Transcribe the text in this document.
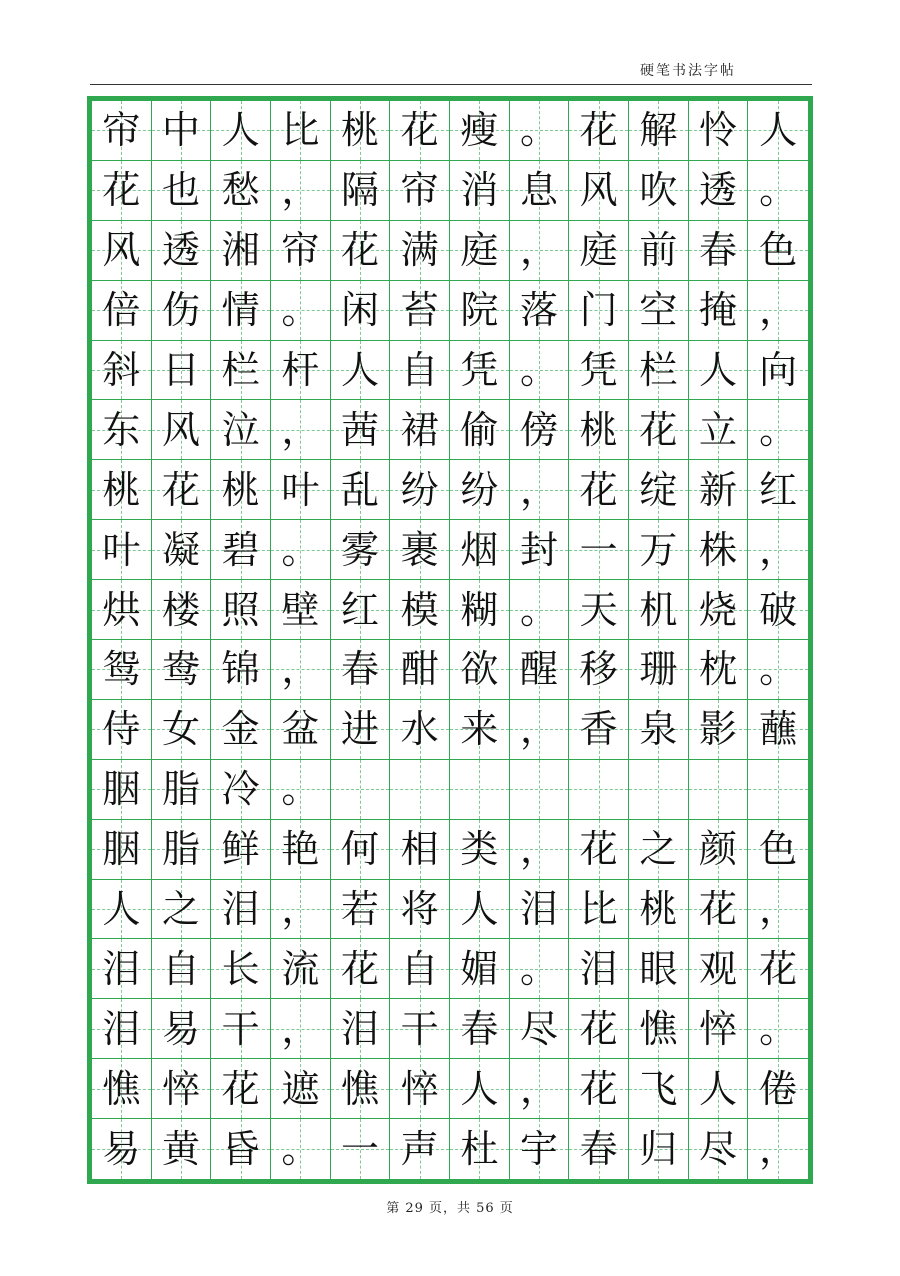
硬笔书法字帖
帘 中 人 比 桃 花 瘦 。 花 解 怜 人
花 也 愁 ， 隔 帘 消 息 风 吹 透 。
风 透 湘 帘 花 满 庭 ， 庭 前 春 色
倍 伤 情 。 闲 苔 院 落 门 空 掩 ，
斜 日 栏 杆 人 自 凭 。 凭 栏 人 向
东 风 泣 ， 茜 裙 偷 傍 桃 花 立 。
桃 花 桃 叶 乱 纷 纷 ， 花 绽 新 红
叶 凝 碧 。 雾 裹 烟 封 一 万 株 ，
烘 楼 照 壁 红 模 糊 。 天 机 烧 破
鸳 鸯 锦 ， 春 酣 欲 醒 移 珊 枕 。
侍 女 金 盆 进 水 来 ， 香 泉 影 蘸
胭 脂 冷 。
胭 脂 鲜 艳 何 相 类 ， 花 之 颜 色
人 之 泪 ， 若 将 人 泪 比 桃 花 ，
泪 自 长 流 花 自 媚 。 泪 眼 观 花
泪 易 干 ， 泪 干 春 尽 花 憔 悴 。
憔 悴 花 遮 憔 悴 人 ， 花 飞 人 倦
易 黄 昏 。 一 声 杜 宇 春 归 尽 ，
第 29 页，共 56 页
